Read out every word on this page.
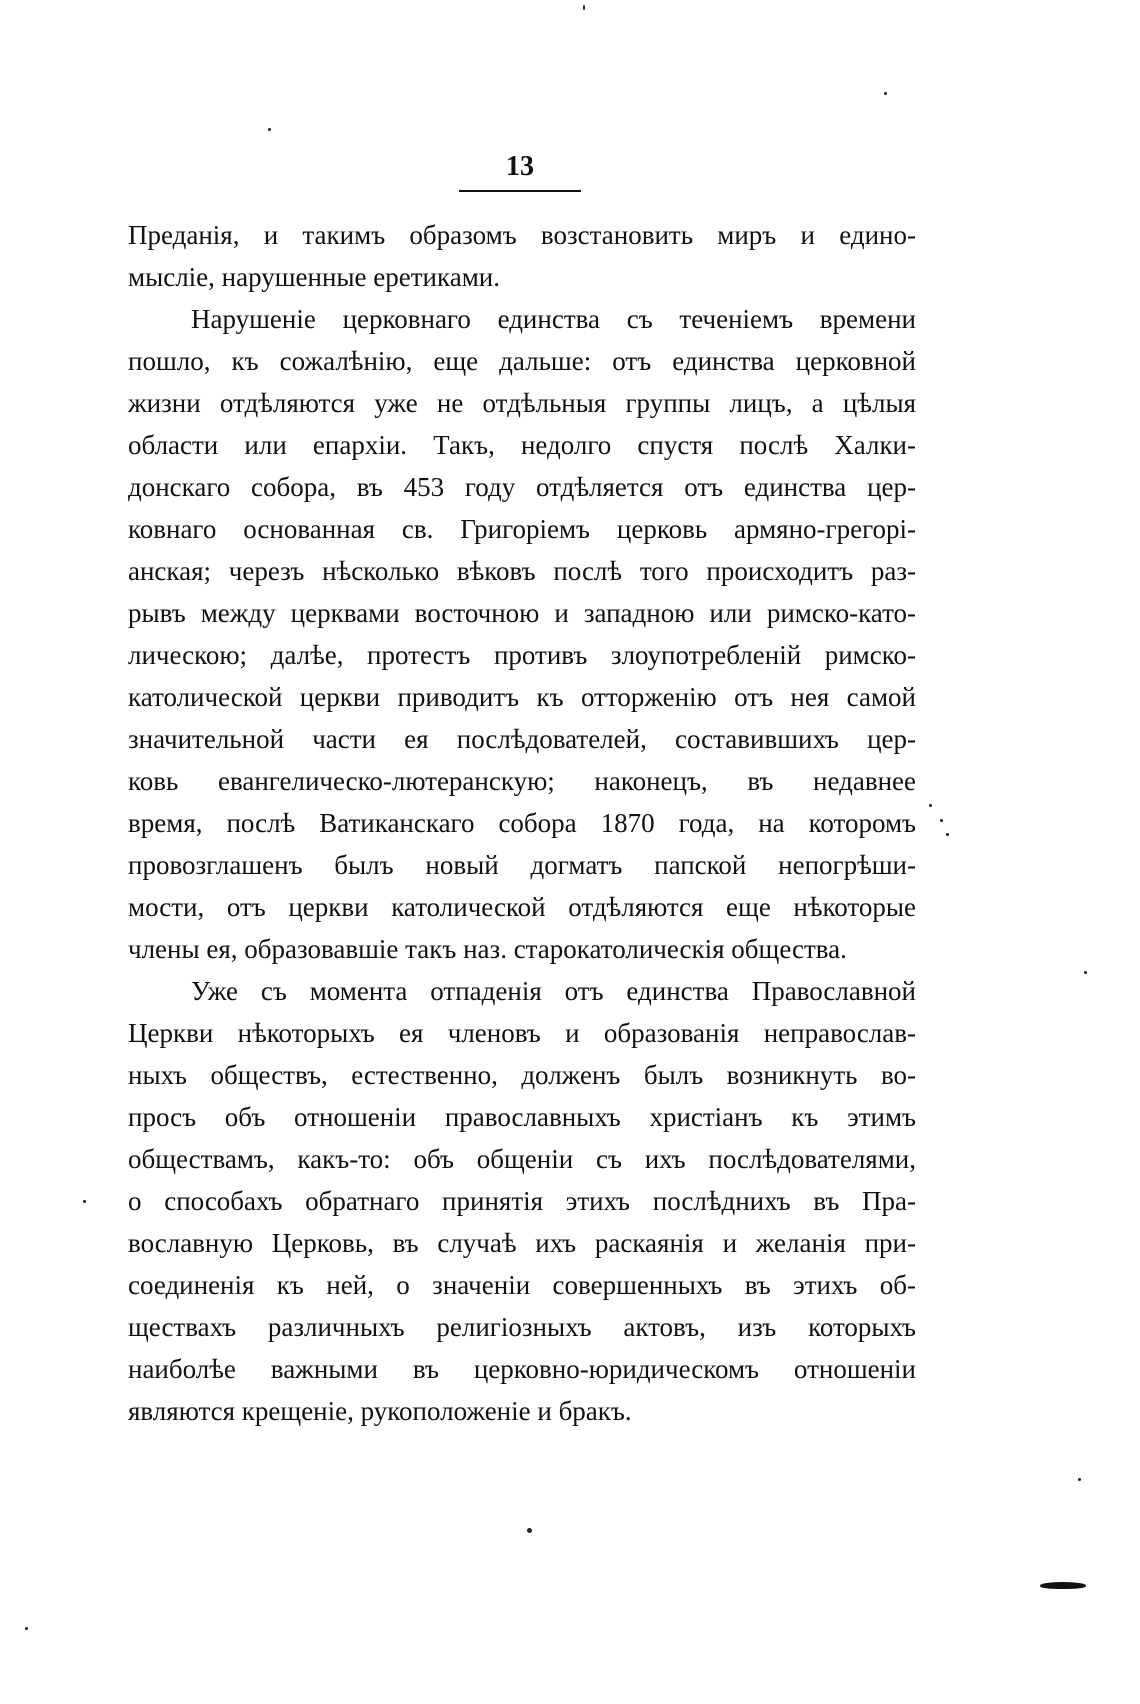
13
Преданія, и такимъ образомъ возстановить миръ и едино-
мысліе, нарушенные еретиками.
Нарушеніе церковнаго единства съ теченіемъ времени
пошло, къ сожалѣнію, еще дальше: отъ единства церковной
жизни отдѣляются уже не отдѣльныя группы лицъ, а цѣлыя
области или епархіи. Такъ, недолго спустя послѣ Халки-
донскаго собора, въ 453 году отдѣляется отъ единства цер-
ковнаго основанная св. Григоріемъ церковь армяно-грегорі-
анская; черезъ нѣсколько вѣковъ послѣ того происходитъ раз-
рывъ между церквами восточною и западною или римско-като-
лическою; далѣе, протестъ противъ злоупотребленій римско-
католической церкви приводитъ къ отторженію отъ нея самой
значительной части ея послѣдователей, составившихъ цер-
ковь евангелическо-лютеранскую; наконецъ, въ недавнее
время, послѣ Ватиканскаго собора 1870 года, на которомъ
провозглашенъ былъ новый догматъ папской непогрѣши-
мости, отъ церкви католической отдѣляются еще нѣкоторые
члены ея, образовавшіе такъ наз. старокатолическія общества.
Уже съ момента отпаденія отъ единства Православной
Церкви нѣкоторыхъ ея членовъ и образованія неправослав-
ныхъ обществъ, естественно, долженъ былъ возникнуть во-
просъ объ отношеніи православныхъ христіанъ къ этимъ
обществамъ, какъ-то: объ общеніи съ ихъ послѣдователями,
о способахъ обратнаго принятія этихъ послѣднихъ въ Пра-
вославную Церковь, въ случаѣ ихъ раскаянія и желанія при-
соединенія къ ней, о значеніи совершенныхъ въ этихъ об-
ществахъ различныхъ религіозныхъ актовъ, изъ которыхъ
наиболѣе важными въ церковно-юридическомъ отношеніи
являются крещеніе, рукоположеніе и бракъ.
